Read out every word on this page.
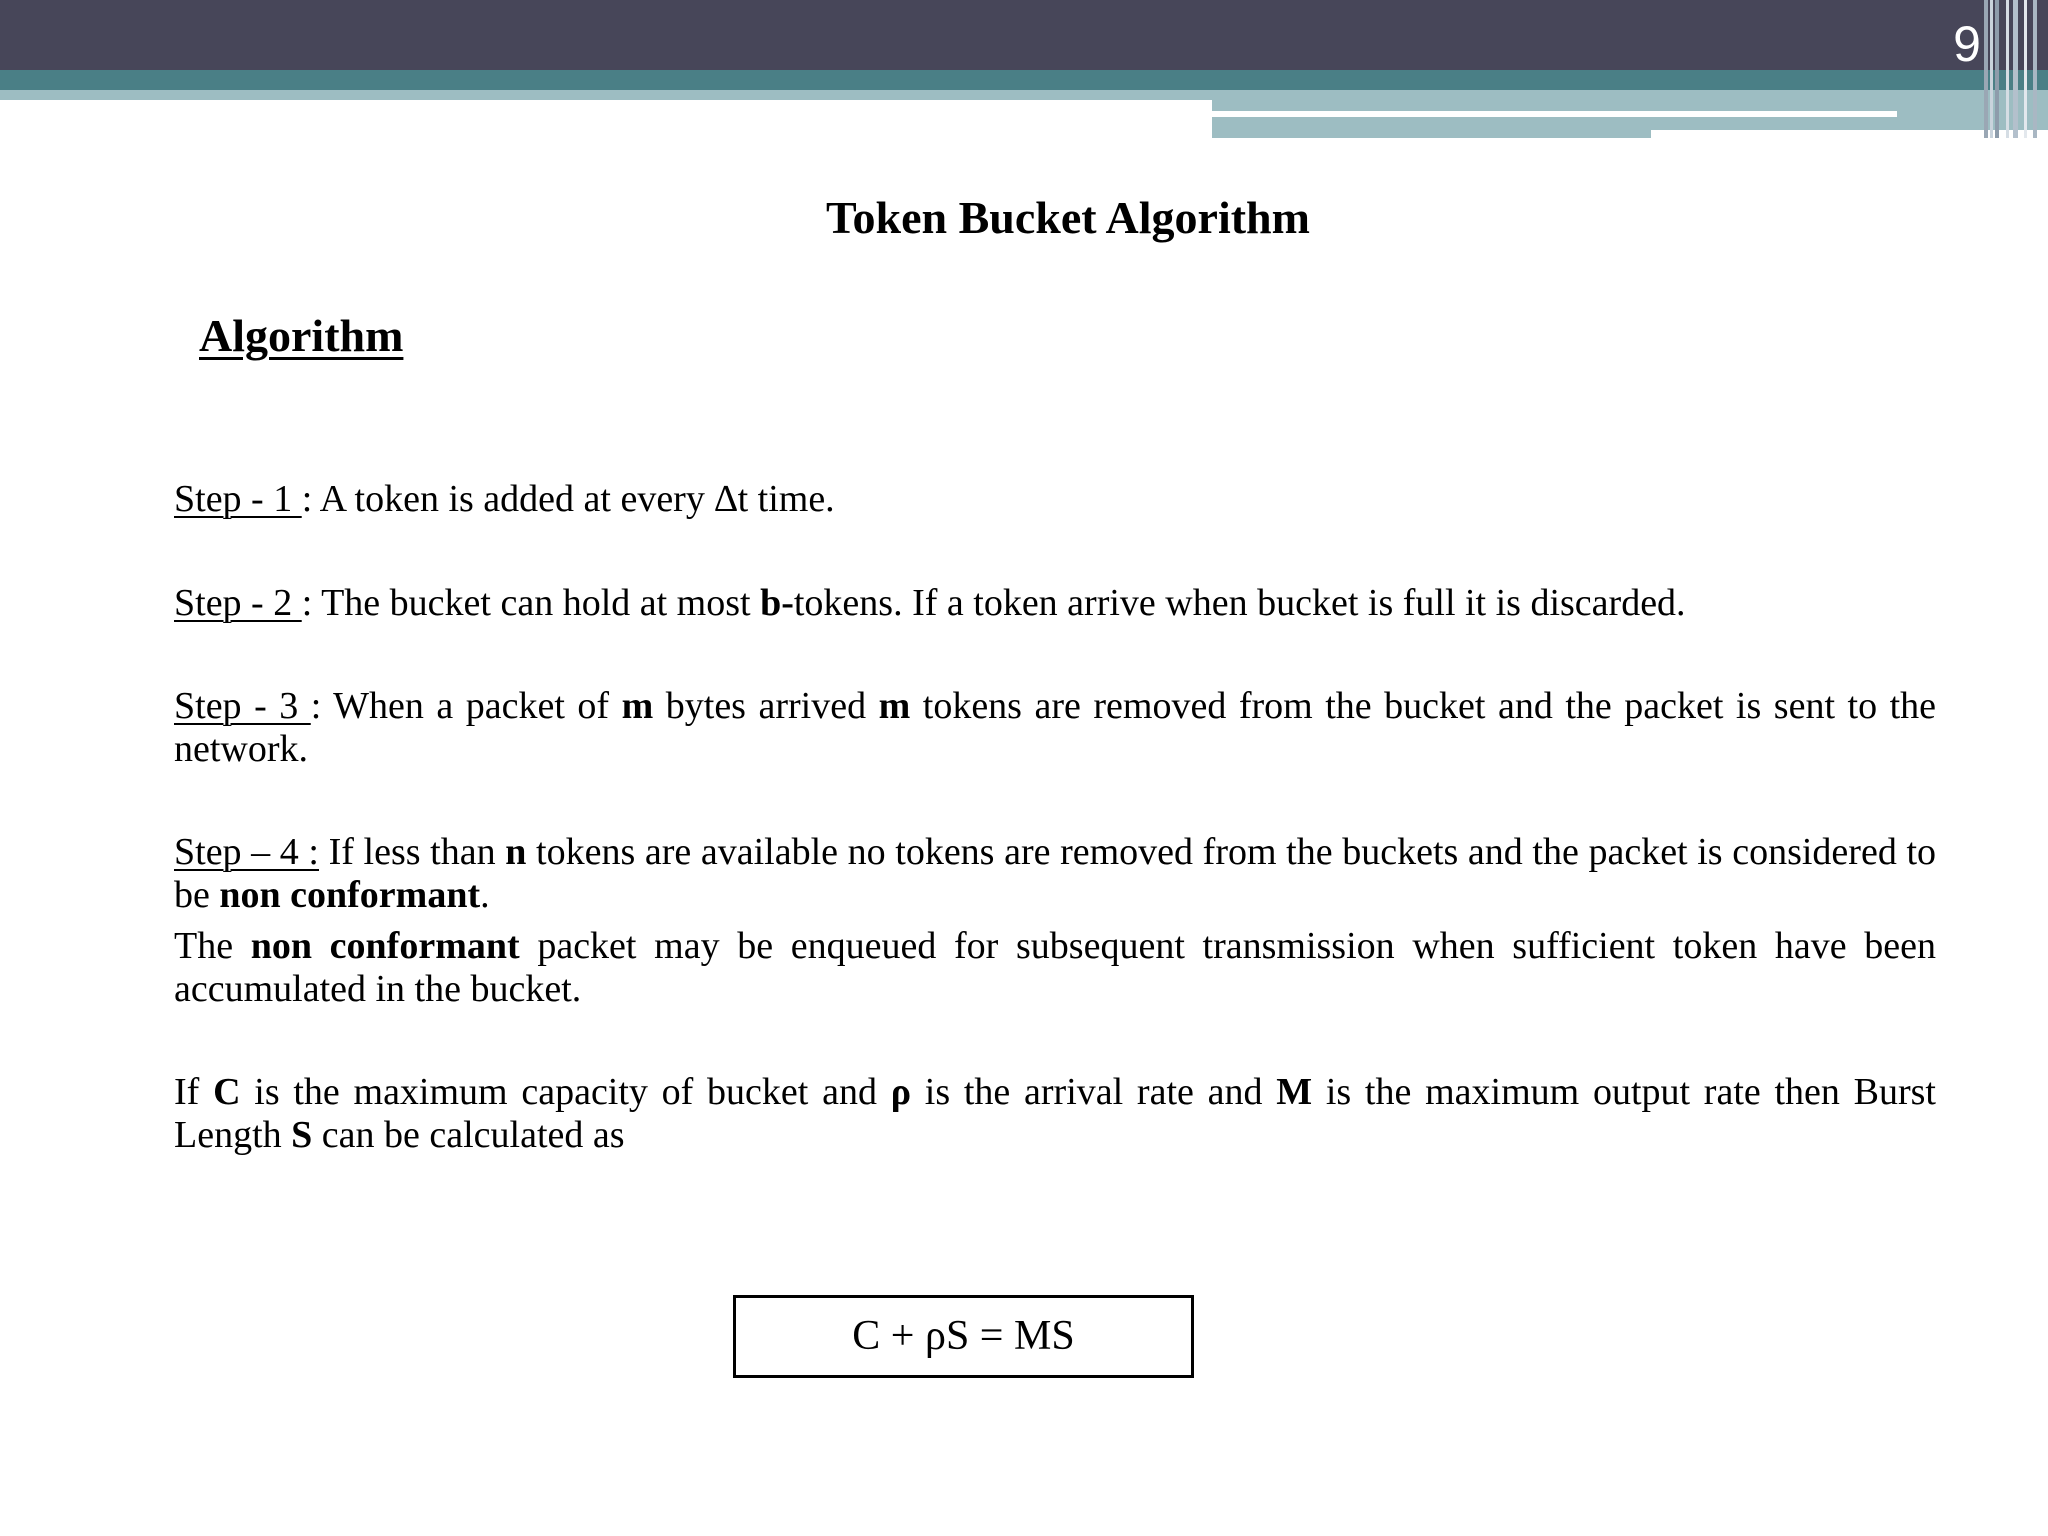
9
Token Bucket Algorithm
Algorithm
Step - 1 : A token is added at every ∆t time.
Step - 2 : The bucket can hold at most b-tokens. If a token arrive when bucket is full it is discarded.
Step - 3 : When a packet of m bytes arrived m tokens are removed from the bucket and the packet is sent to the network.
Step – 4 : If less than n tokens are available no tokens are removed from the buckets and the packet is considered to be non conformant.
The non conformant packet may be enqueued for subsequent transmission when sufficient token have been accumulated in the bucket.
If C is the maximum capacity of bucket and ρ is the arrival rate and M is the maximum output rate then Burst Length S can be calculated as
C + ρS = MS
